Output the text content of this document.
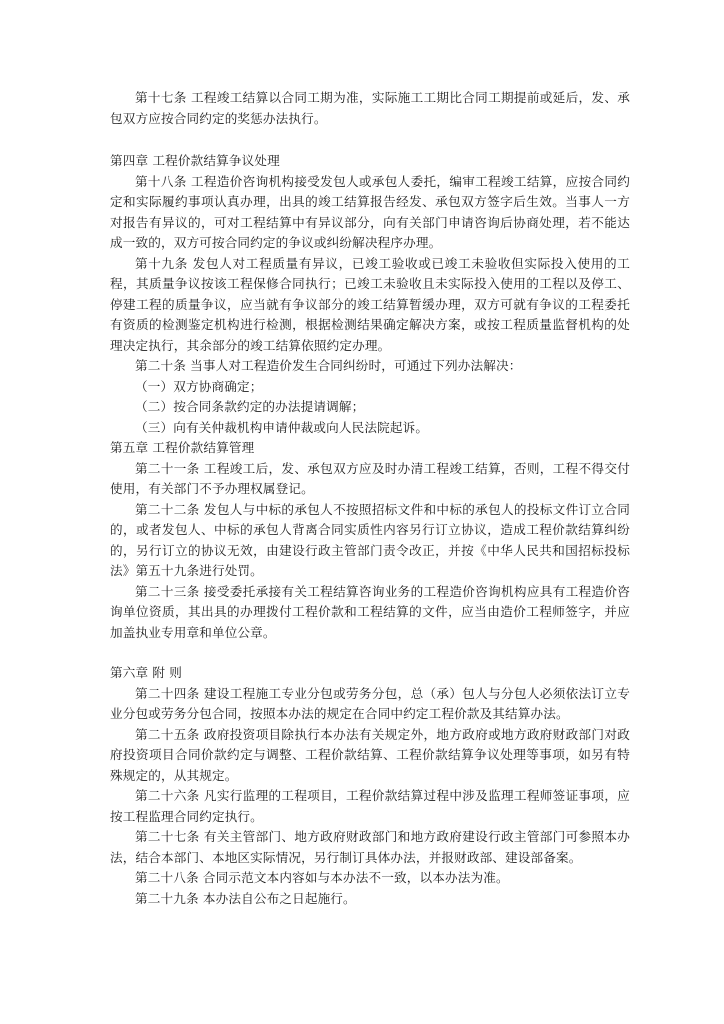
第十七条 工程竣工结算以合同工期为准，实际施工工期比合同工期提前或延后，发、承包双方应按合同约定的奖惩办法执行。

第四章 工程价款结算争议处理

第十八条 工程造价咨询机构接受发包人或承包人委托，编审工程竣工结算，应按合同约定和实际履约事项认真办理，出具的竣工结算报告经发、承包双方签字后生效。当事人一方对报告有异议的，可对工程结算中有异议部分，向有关部门申请咨询后协商处理，若不能达成一致的，双方可按合同约定的争议或纠纷解决程序办理。

第十九条 发包人对工程质量有异议，已竣工验收或已竣工未验收但实际投入使用的工程，其质量争议按该工程保修合同执行；已竣工未验收且未实际投入使用的工程以及停工、停建工程的质量争议，应当就有争议部分的竣工结算暂缓办理，双方可就有争议的工程委托有资质的检测鉴定机构进行检测，根据检测结果确定解决方案，或按工程质量监督机构的处理决定执行，其余部分的竣工结算依照约定办理。

第二十条 当事人对工程造价发生合同纠纷时，可通过下列办法解决：

（一）双方协商确定；

（二）按合同条款约定的办法提请调解；

（三）向有关仲裁机构申请仲裁或向人民法院起诉。

第五章 工程价款结算管理

第二十一条 工程竣工后，发、承包双方应及时办清工程竣工结算，否则，工程不得交付使用，有关部门不予办理权属登记。

第二十二条 发包人与中标的承包人不按照招标文件和中标的承包人的投标文件订立合同的，或者发包人、中标的承包人背离合同实质性内容另行订立协议，造成工程价款结算纠纷的，另行订立的协议无效，由建设行政主管部门责令改正，并按《中华人民共和国招标投标法》第五十九条进行处罚。

第二十三条 接受委托承接有关工程结算咨询业务的工程造价咨询机构应具有工程造价咨询单位资质，其出具的办理拨付工程价款和工程结算的文件，应当由造价工程师签字，并应加盖执业专用章和单位公章。

第六章 附 则

第二十四条 建设工程施工专业分包或劳务分包，总（承）包人与分包人必须依法订立专业分包或劳务分包合同，按照本办法的规定在合同中约定工程价款及其结算办法。

第二十五条 政府投资项目除执行本办法有关规定外，地方政府或地方政府财政部门对政府投资项目合同价款约定与调整、工程价款结算、工程价款结算争议处理等事项，如另有特殊规定的，从其规定。

第二十六条 凡实行监理的工程项目，工程价款结算过程中涉及监理工程师签证事项，应按工程监理合同约定执行。

第二十七条 有关主管部门、地方政府财政部门和地方政府建设行政主管部门可参照本办法，结合本部门、本地区实际情况，另行制订具体办法，并报财政部、建设部备案。

第二十八条 合同示范文本内容如与本办法不一致，以本办法为准。

第二十九条 本办法自公布之日起施行。
